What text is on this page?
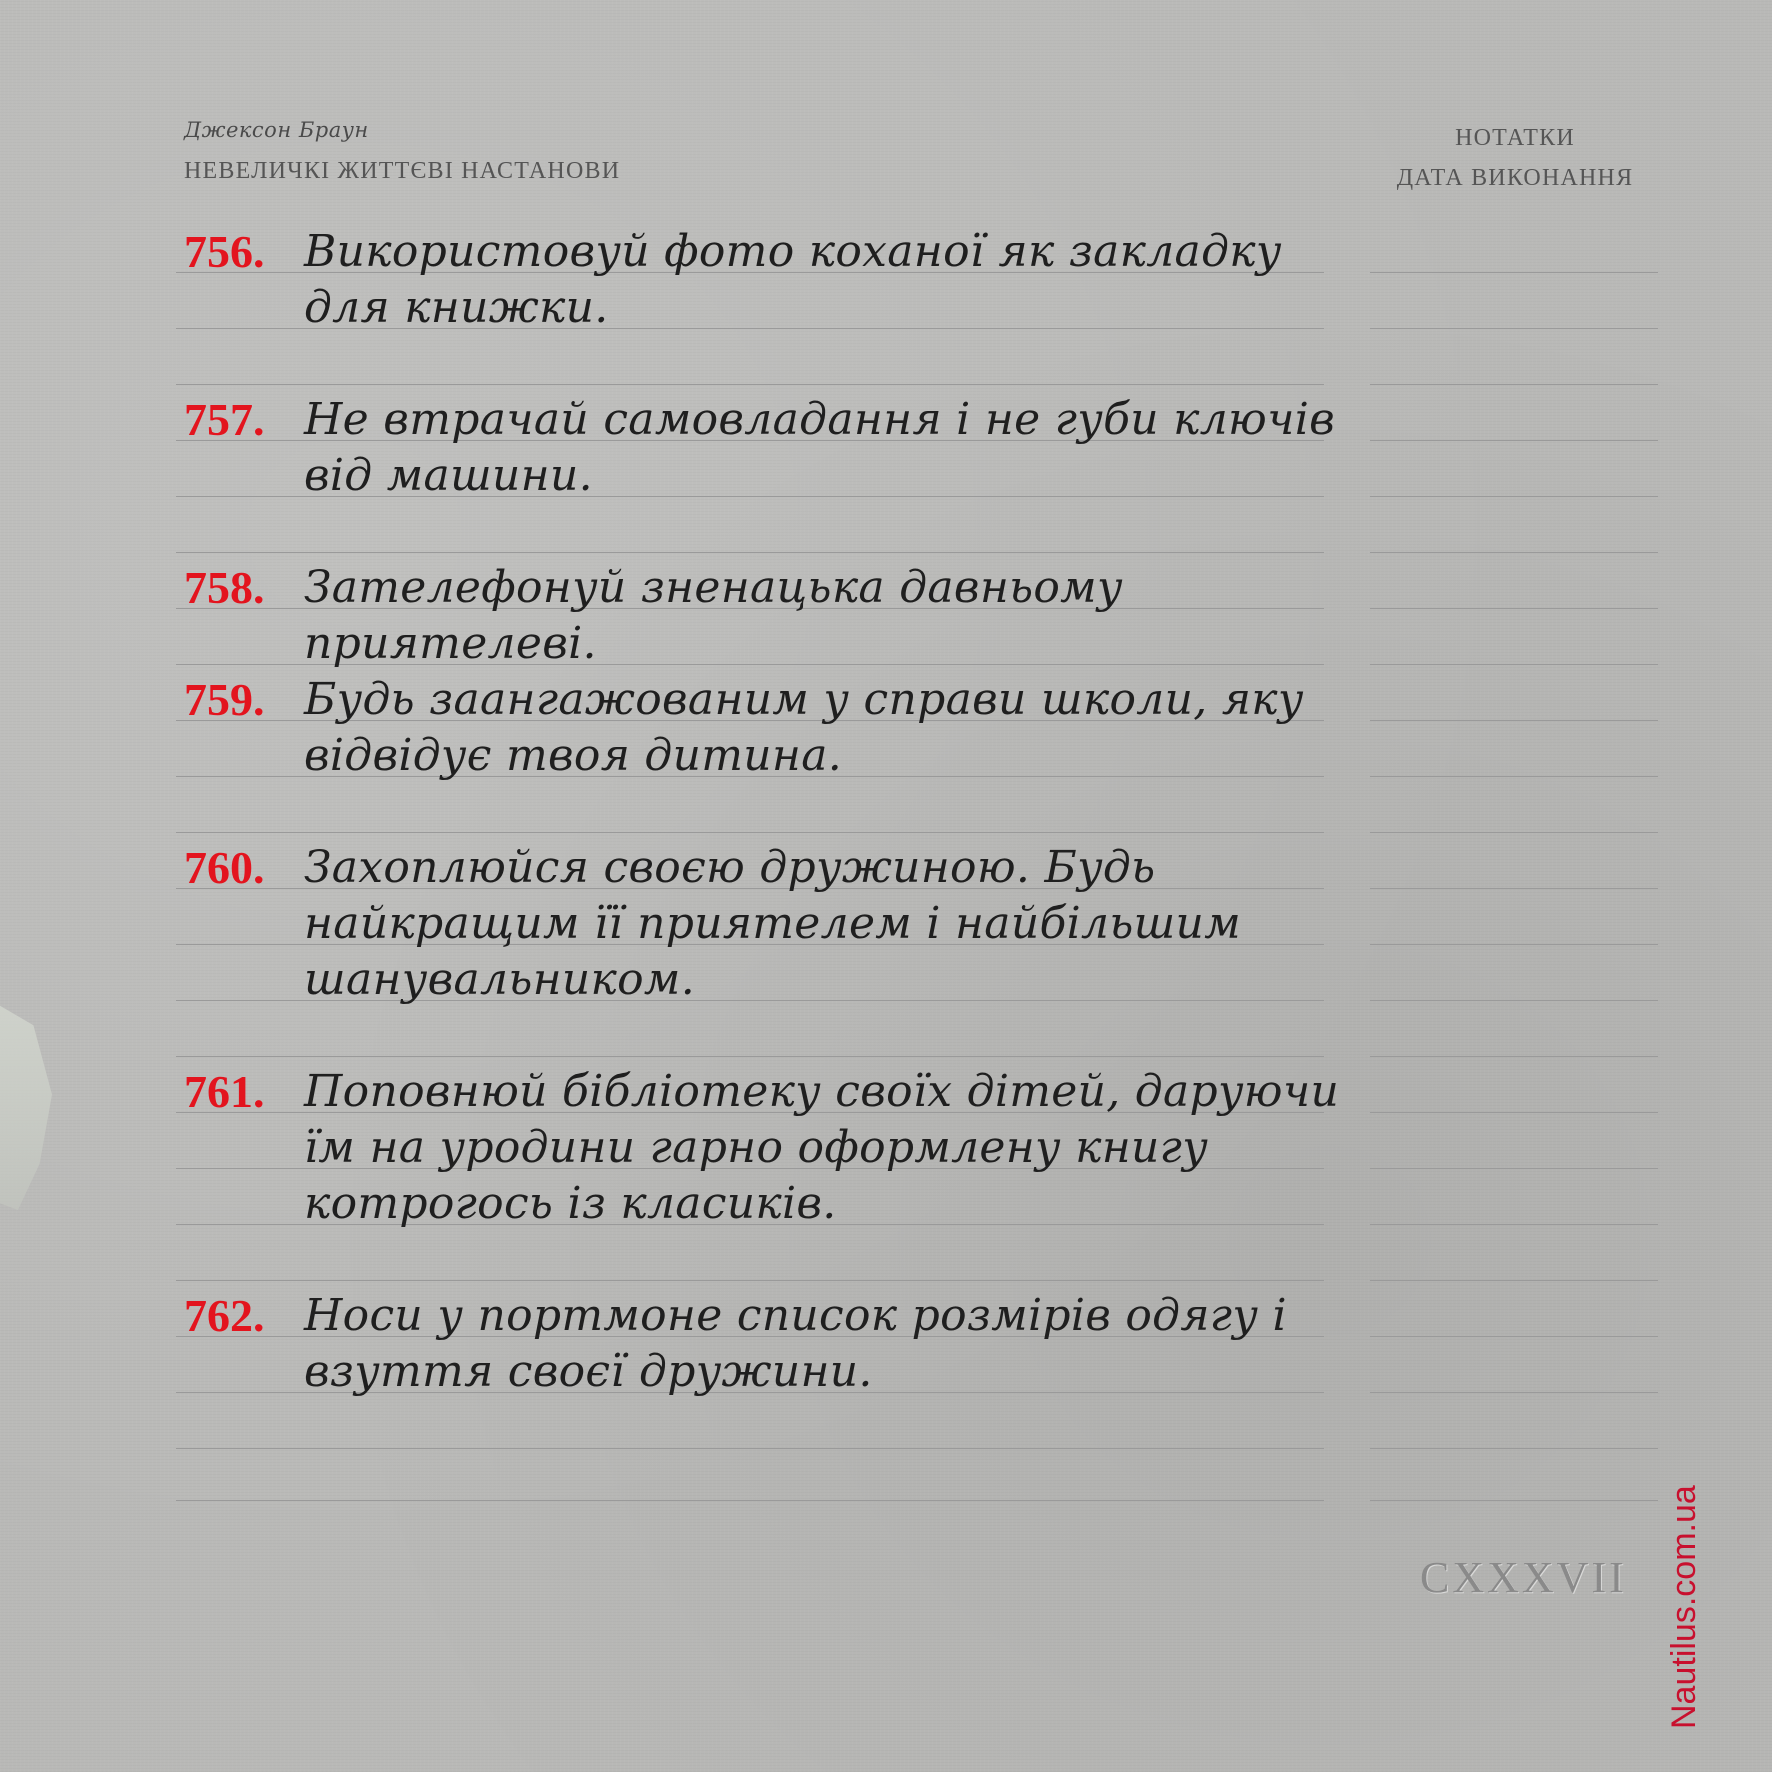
Джексон Браун
НЕВЕЛИЧКІ ЖИТТЄВІ НАСТАНОВИ
НОТАТКИ
ДАТА ВИКОНАННЯ
756. Використовуй фото коханої як закладку для книжки.
757. Не втрачай самовладання і не губи ключів від машини.
758. Зателефонуй зненацька давньому приятелеві.
759. Будь заангажованим у справи школи, яку відвідує твоя дитина.
760. Захоплюйся своєю дружиною. Будь найкращим її приятелем і найбільшим шанувальником.
761. Поповнюй бібліотеку своїх дітей, даруючи їм на уродини гарно оформлену книгу котрогось із класиків.
762. Носи у портмоне список розмірів одягу і взуття своєї дружини.
CXXXVII Nautilus.com.ua
